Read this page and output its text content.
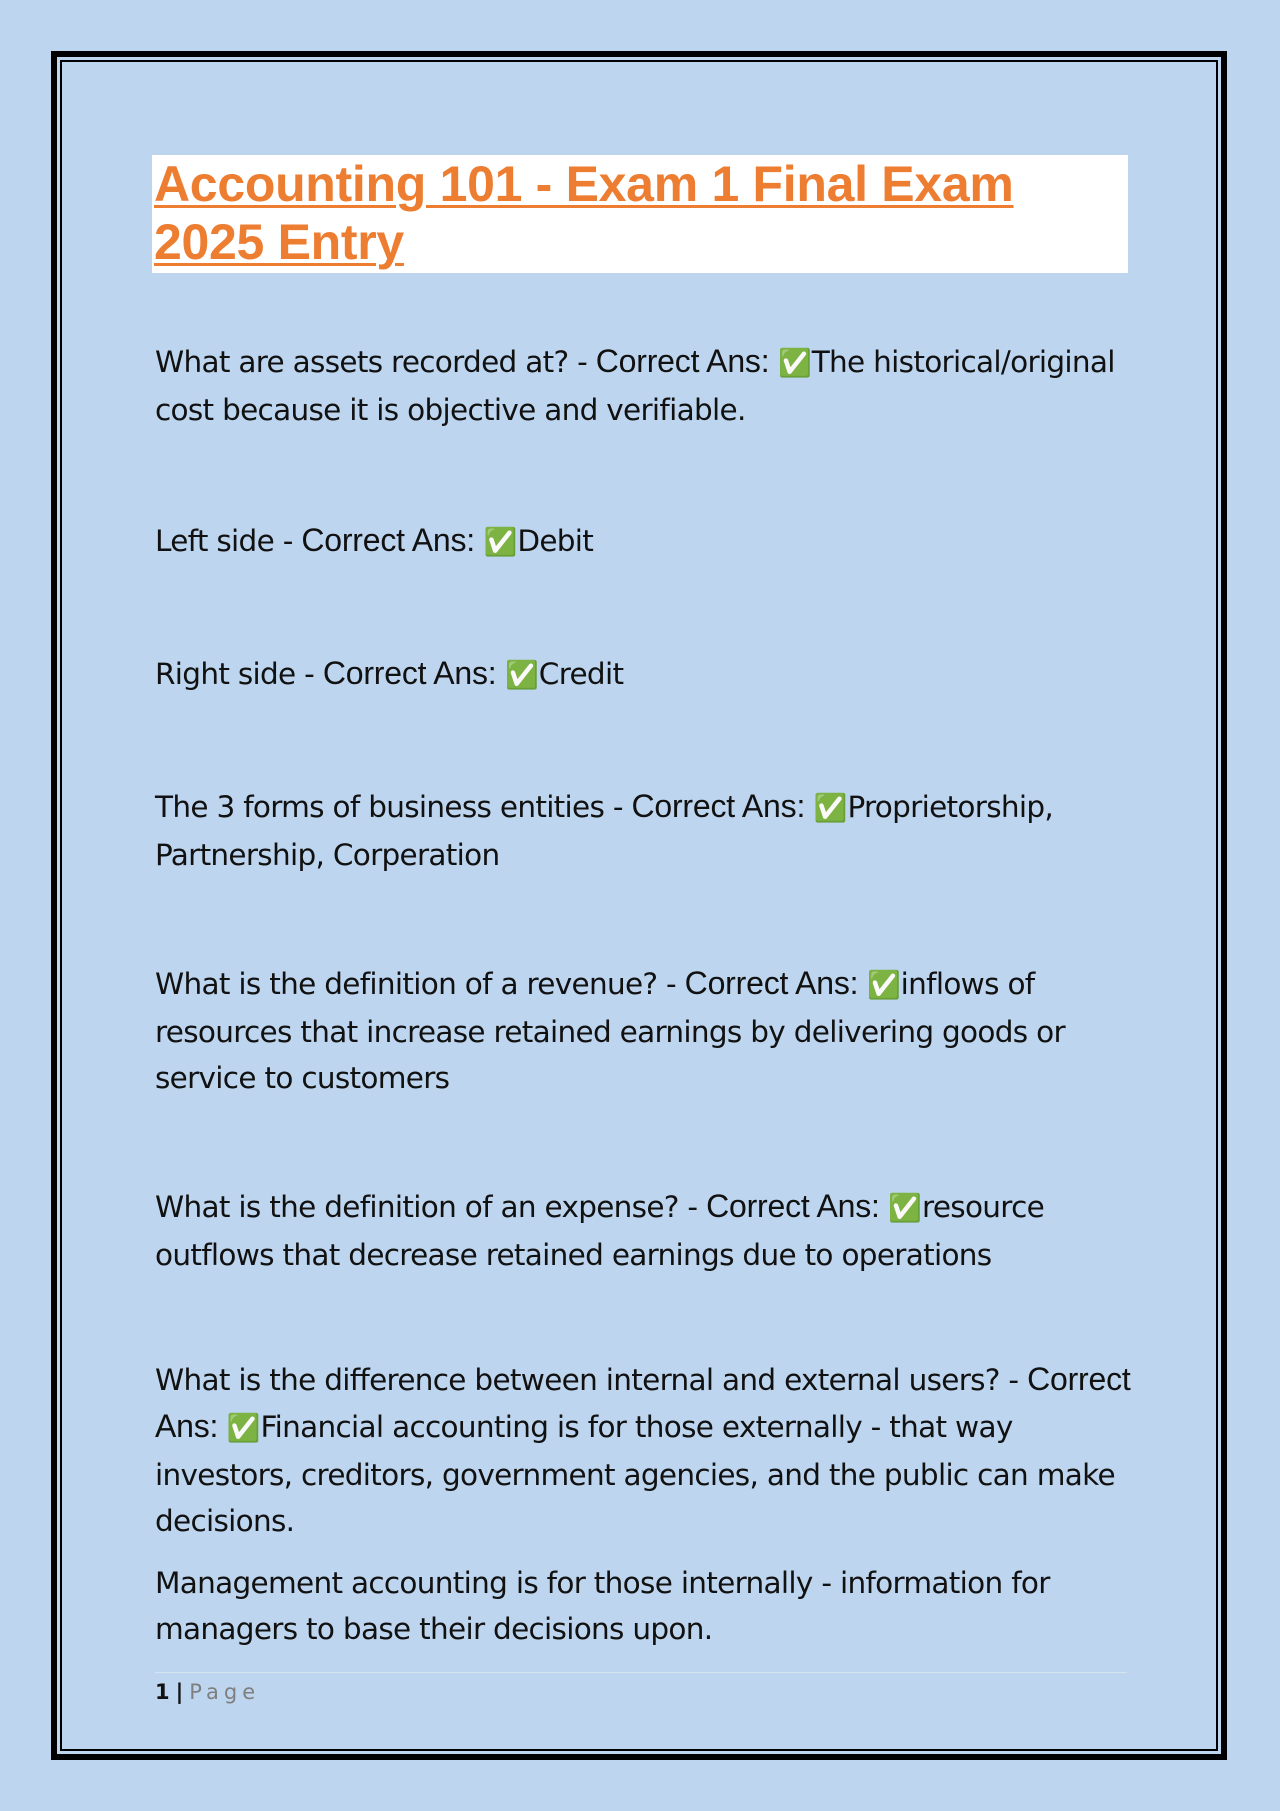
Accounting 101 - Exam 1 Final Exam 2025 Entry

What are assets recorded at? - Correct Ans: ✅The historical/original cost because it is objective and verifiable.

Left side - Correct Ans: ✅Debit

Right side - Correct Ans: ✅Credit

The 3 forms of business entities - Correct Ans: ✅Proprietorship, Partnership, Corperation

What is the definition of a revenue? - Correct Ans: ✅inflows of resources that increase retained earnings by delivering goods or service to customers

What is the definition of an expense? - Correct Ans: ✅resource outflows that decrease retained earnings due to operations

What is the difference between internal and external users? - Correct Ans: ✅Financial accounting is for those externally - that way investors, creditors, government agencies, and the public can make decisions.

Management accounting is for those internally - information for managers to base their decisions upon.

1 | Page
